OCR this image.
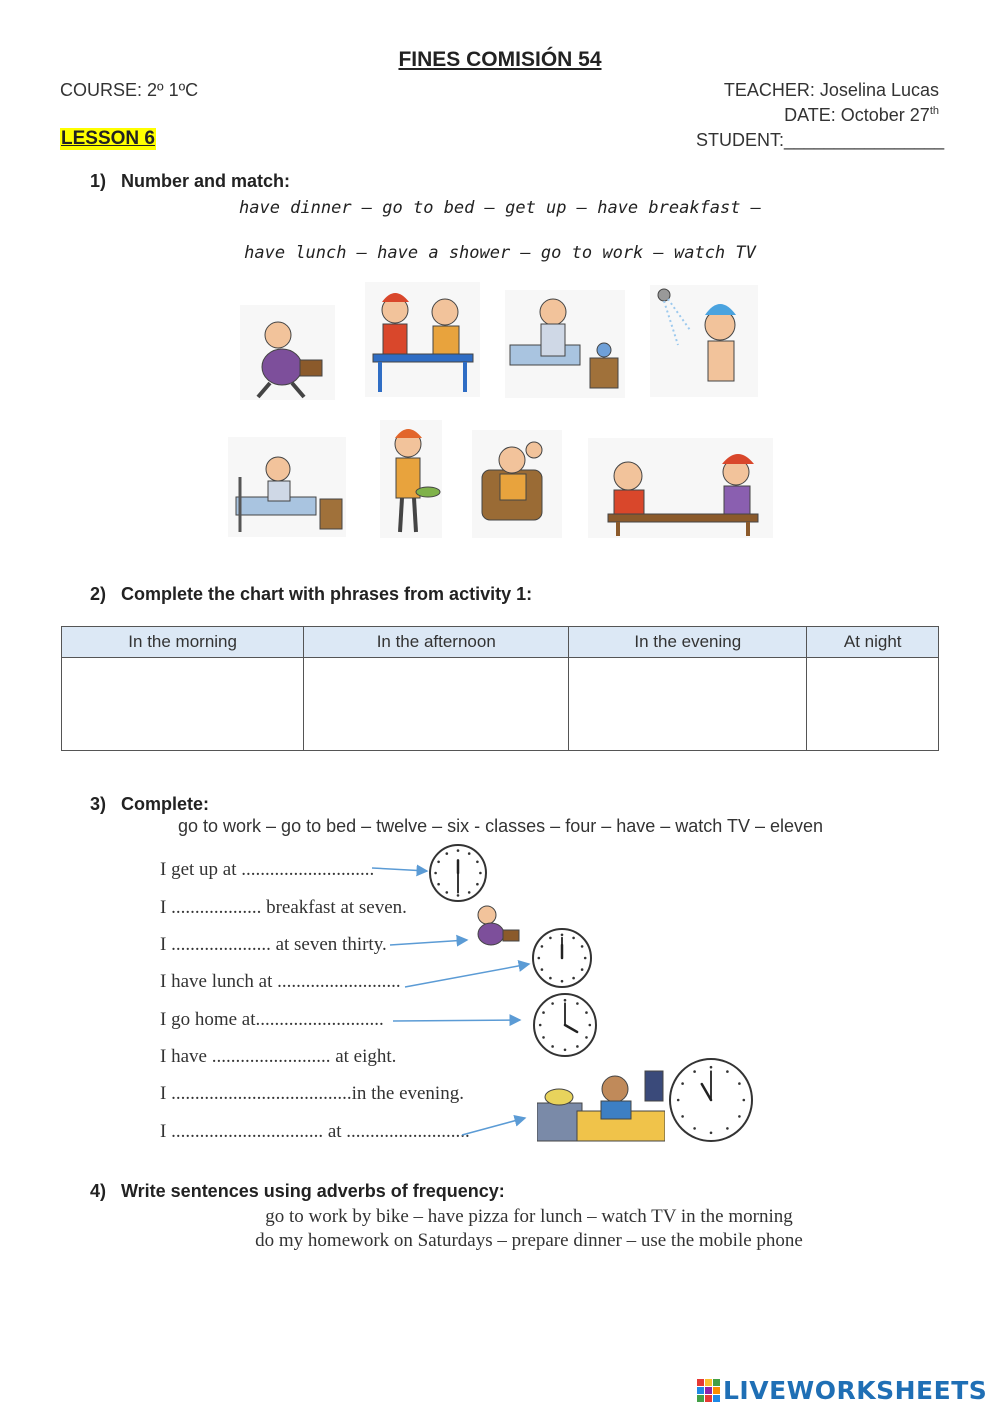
FINES COMISIÓN 54
COURSE: 2º 1ºC	TEACHER: Joselina Lucas
DATE: October 27th
LESSON 6	STUDENT:________________
1) Number and match:
have dinner – go to bed – get up – have breakfast –
have lunch – have a shower – go to work – watch TV
2) Complete the chart with phrases from activity 1:
In the morning	In the afternoon	In the evening	At night

3) Complete:
go to work – go to bed – twelve – six - classes – four – have – watch TV – eleven
I get up at ............................
I ................... breakfast at seven.
I ..................... at seven thirty.
I have lunch at ..........................
I go home at...........................
I have ......................... at eight.
I ......................................in the evening.
I ................................ at ..........................
4) Write sentences using adverbs of frequency:
go to work by bike – have pizza for lunch – watch TV in the morning
do my homework on Saturdays – prepare dinner – use the mobile phone
LIVEWORKSHEETS
